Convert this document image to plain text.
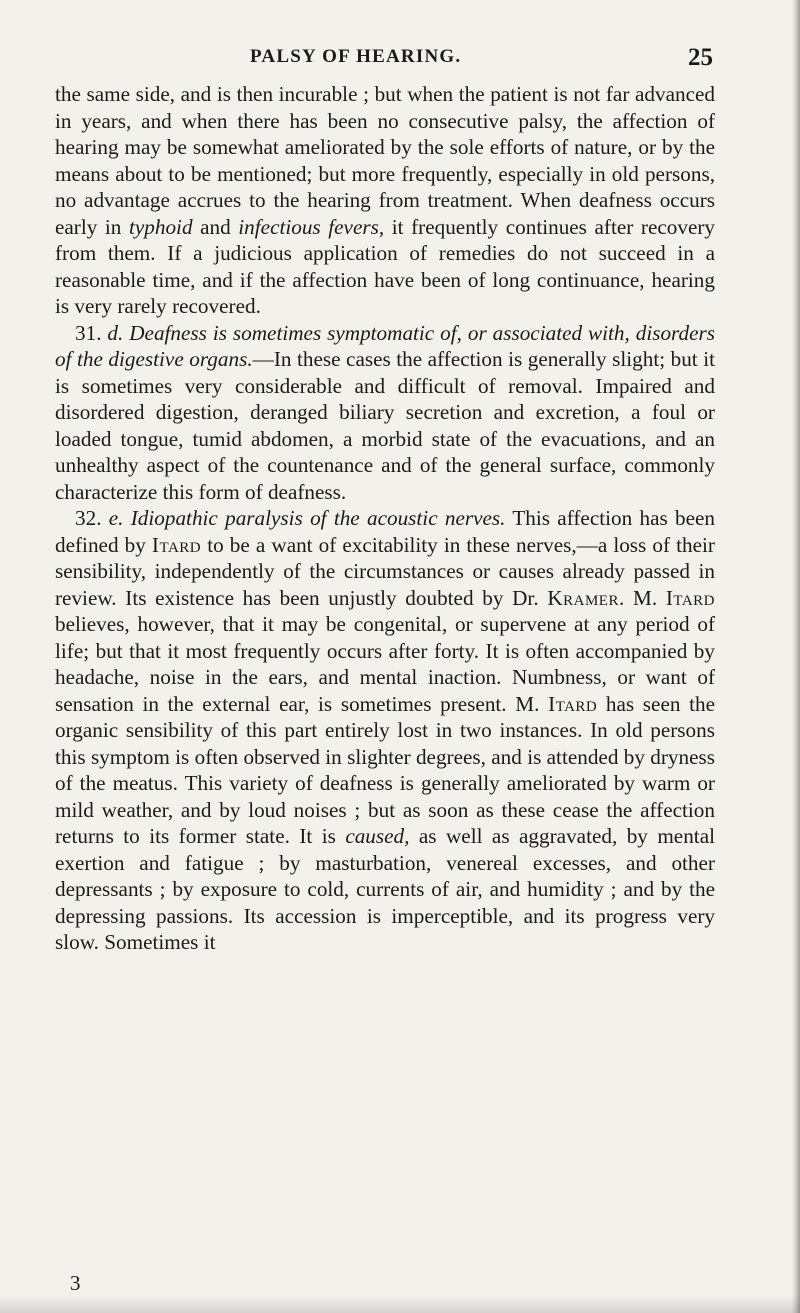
PALSY OF HEARING.	25

the same side, and is then incurable ; but when the patient is not far advanced in years, and when there has been no consecutive palsy, the affection of hearing may be somewhat ameliorated by the sole efforts of nature, or by the means about to be mentioned; but more frequently, especially in old persons, no advantage accrues to the hearing from treatment. When deafness occurs early in typhoid and infectious fevers, it frequently continues after recovery from them. If a judicious application of remedies do not succeed in a reasonable time, and if the affection have been of long continuance, hearing is very rarely recovered.

31. d. Deafness is sometimes symptomatic of, or associated with, disorders of the digestive organs.—In these cases the affection is generally slight; but it is sometimes very considerable and difficult of removal. Impaired and disordered digestion, deranged biliary secretion and excretion, a foul or loaded tongue, tumid abdomen, a morbid state of the evacuations, and an unhealthy aspect of the countenance and of the general surface, commonly characterize this form of deafness.

32. e. Idiopathic paralysis of the acoustic nerves. This affection has been defined by Itard to be a want of excitability in these nerves,—a loss of their sensibility, independently of the circumstances or causes already passed in review. Its existence has been unjustly doubted by Dr. Kramer. M. Itard believes, however, that it may be congenital, or supervene at any period of life; but that it most frequently occurs after forty. It is often accompanied by headache, noise in the ears, and mental inaction. Numbness, or want of sensation in the external ear, is sometimes present. M. Itard has seen the organic sensibility of this part entirely lost in two instances. In old persons this symptom is often observed in slighter degrees, and is attended by dryness of the meatus. This variety of deafness is generally ameliorated by warm or mild weather, and by loud noises ; but as soon as these cease the affection returns to its former state. It is caused, as well as aggravated, by mental exertion and fatigue ; by masturbation, venereal excesses, and other depressants ; by exposure to cold, currents of air, and humidity ; and by the depressing passions. Its accession is imperceptible, and its progress very slow. Sometimes it

3
